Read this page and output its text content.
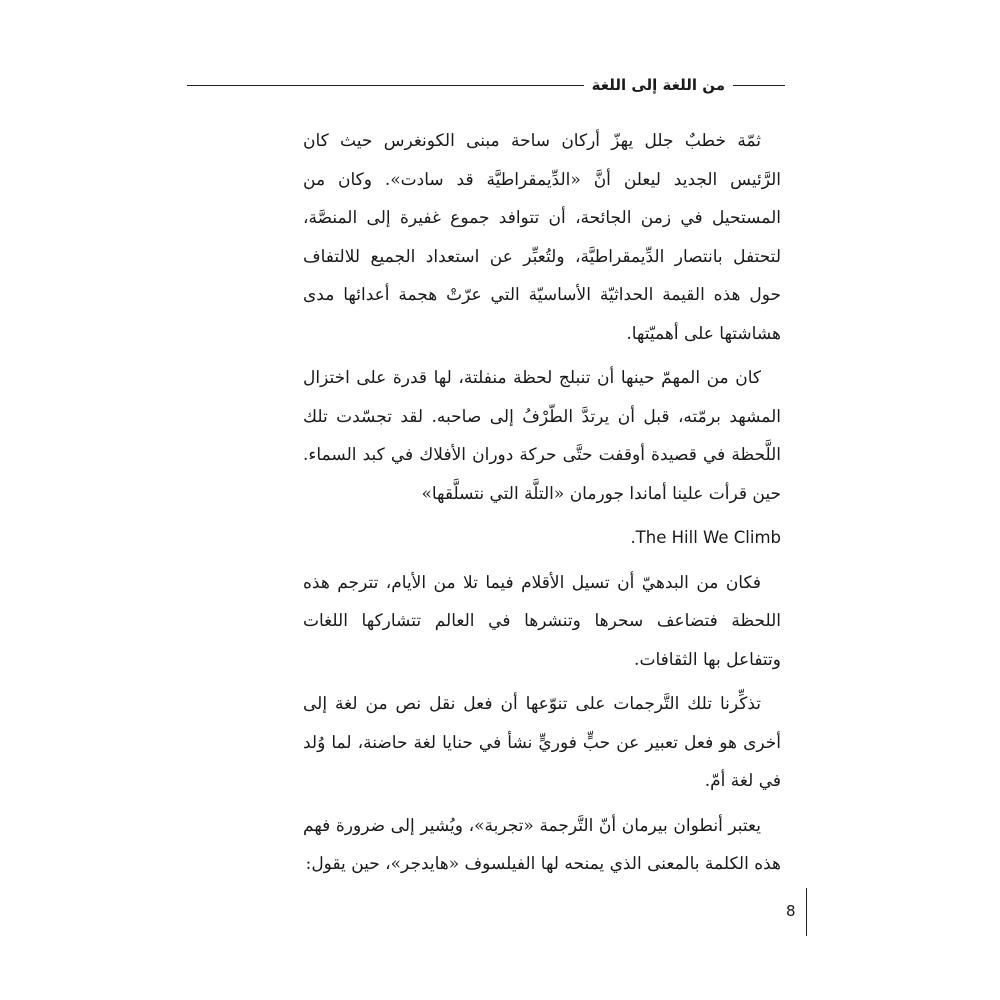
من اللغة إلى اللغة

ثمّة خطبٌ جلل يهزّ أركان ساحة مبنى الكونغرس حيث كان الرَّئيس الجديد ليعلن أنَّ «الدِّيمقراطيَّة قد سادت». وكان من المستحيل في زمن الجائحة، أن تتوافد جموع غفيرة إلى المنصَّة، لتحتفل بانتصار الدِّيمقراطيَّة، ولتُعبِّر عن استعداد الجميع للالتفاف حول هذه القيمة الحداثيّة الأساسيّة التي عرّتْ هجمة أعدائها مدى هشاشتها على أهميّتها.

كان من المهمّ حينها أن تنبلج لحظة منفلتة، لها قدرة على اختزال المشهد برمّته، قبل أن يرتدَّ الطّرْفُ إلى صاحبه. لقد تجسّدت تلك اللَّحظة في قصيدة أوقفت حتَّى حركة دوران الأفلاك في كبد السماء. حين قرأت علينا أماندا جورمان «التلَّة التي نتسلَّقها»

.The Hill We Climb

فكان من البدهيّ أن تسيل الأقلام فيما تلا من الأيام، تترجم هذه اللحظة فتضاعف سحرها وتنشرها في العالم تتشاركها اللغات وتتفاعل بها الثقافات.

تذكِّرنا تلك التَّرجمات على تنوّعها أن فعل نقل نص من لغة إلى أخرى هو فعل تعبير عن حبٍّ فوريٍّ نشأ في حنايا لغة حاضنة، لما وُلد في لغة أمّ.

يعتبر أنطوان بيرمان أنّ التَّرجمة «تجربة»، ويُشير إلى ضرورة فهم هذه الكلمة بالمعنى الذي يمنحه لها الفيلسوف «هايدجر»، حين يقول:

8
